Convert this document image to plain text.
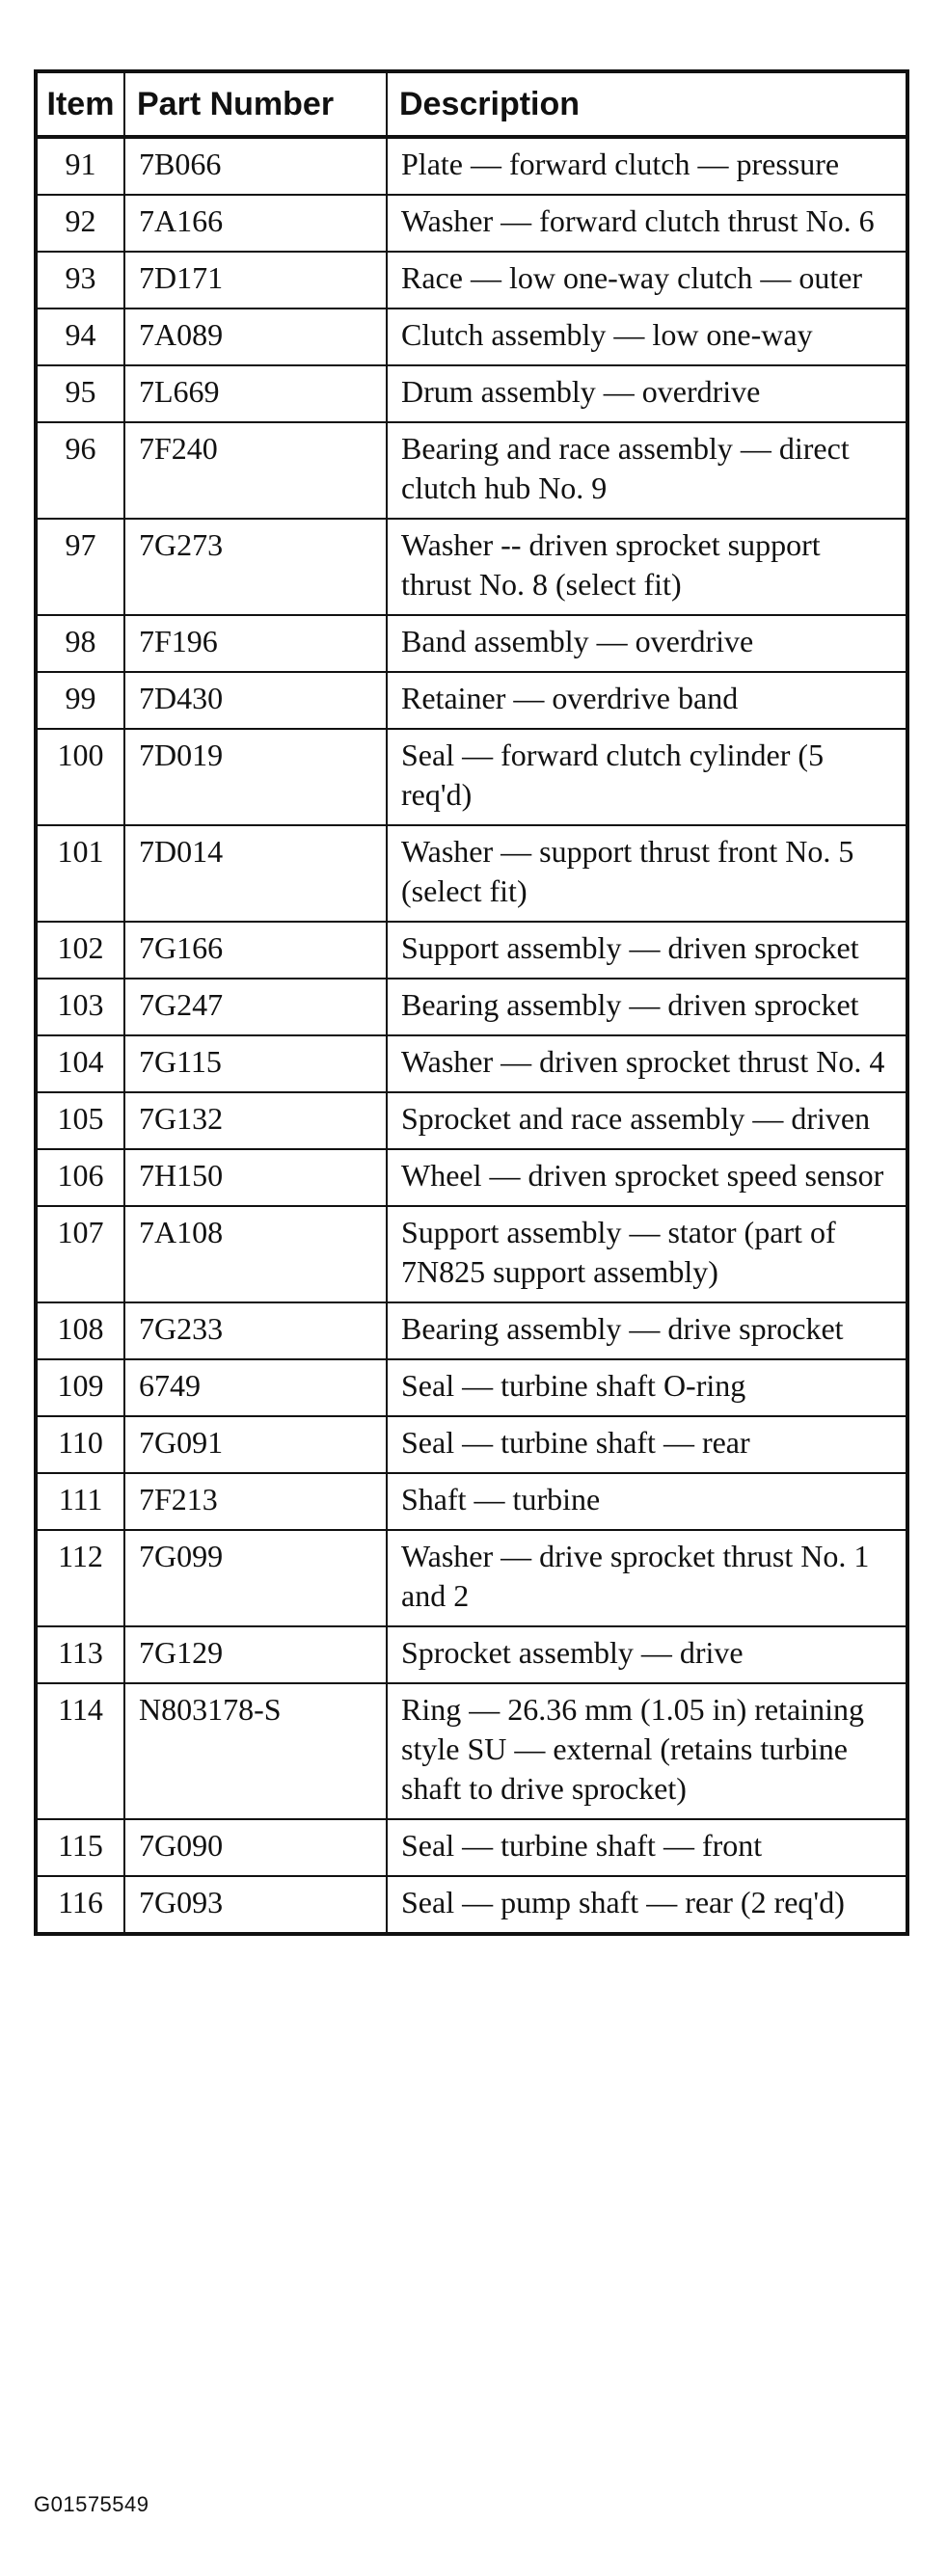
Item	Part Number	Description
91	7B066	Plate — forward clutch — pressure
92	7A166	Washer — forward clutch thrust No. 6
93	7D171	Race — low one-way clutch — outer
94	7A089	Clutch assembly — low one-way
95	7L669	Drum assembly — overdrive
96	7F240	Bearing and race assembly — direct clutch hub No. 9
97	7G273	Washer -- driven sprocket support thrust No. 8 (select fit)
98	7F196	Band assembly — overdrive
99	7D430	Retainer — overdrive band
100	7D019	Seal — forward clutch cylinder (5 req'd)
101	7D014	Washer — support thrust front No. 5 (select fit)
102	7G166	Support assembly — driven sprocket
103	7G247	Bearing assembly — driven sprocket
104	7G115	Washer — driven sprocket thrust No. 4
105	7G132	Sprocket and race assembly — driven
106	7H150	Wheel — driven sprocket speed sensor
107	7A108	Support assembly — stator (part of 7N825 support assembly)
108	7G233	Bearing assembly — drive sprocket
109	6749	Seal — turbine shaft O-ring
110	7G091	Seal — turbine shaft — rear
111	7F213	Shaft — turbine
112	7G099	Washer — drive sprocket thrust No. 1 and 2
113	7G129	Sprocket assembly — drive
114	N803178-S	Ring — 26.36 mm (1.05 in) retaining style SU — external (retains turbine shaft to drive sprocket)
115	7G090	Seal — turbine shaft — front
116	7G093	Seal — pump shaft — rear (2 req'd)
G01575549
